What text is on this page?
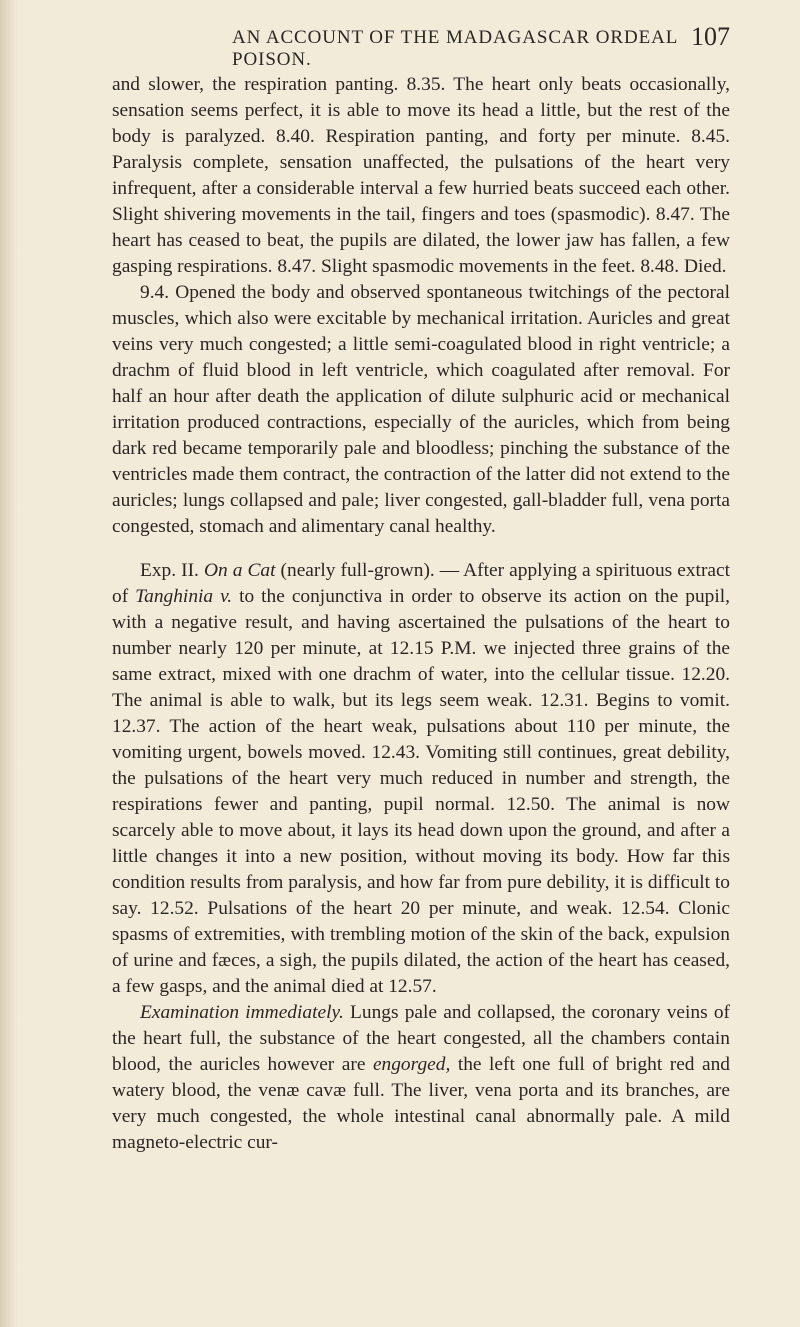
AN ACCOUNT OF THE MADAGASCAR ORDEAL POISON.
107

and slower, the respiration panting. 8.35. The heart only beats occasionally, sensation seems perfect, it is able to move its head a little, but the rest of the body is paralyzed. 8.40. Respiration panting, and forty per minute. 8.45. Paralysis complete, sensation unaffected, the pulsations of the heart very infrequent, after a considerable interval a few hurried beats succeed each other. Slight shivering movements in the tail, fingers and toes (spasmodic). 8.47. The heart has ceased to beat, the pupils are dilated, the lower jaw has fallen, a few gasping respirations. 8.47. Slight spasmodic movements in the feet. 8.48. Died.

9.4. Opened the body and observed spontaneous twitchings of the pectoral muscles, which also were excitable by mechanical irritation. Auricles and great veins very much congested; a little semi-coagulated blood in right ventricle; a drachm of fluid blood in left ventricle, which coagulated after removal. For half an hour after death the application of dilute sulphuric acid or mechanical irritation produced contractions, especially of the auricles, which from being dark red became temporarily pale and bloodless; pinching the substance of the ventricles made them contract, the contraction of the latter did not extend to the auricles; lungs collapsed and pale; liver congested, gall-bladder full, vena porta congested, stomach and alimentary canal healthy.

Exp. II. On a Cat (nearly full-grown). — After applying a spirituous extract of Tanghinia v. to the conjunctiva in order to observe its action on the pupil, with a negative result, and having ascertained the pulsations of the heart to number nearly 120 per minute, at 12.15 P.M. we injected three grains of the same extract, mixed with one drachm of water, into the cellular tissue. 12.20. The animal is able to walk, but its legs seem weak. 12.31. Begins to vomit. 12.37. The action of the heart weak, pulsations about 110 per minute, the vomiting urgent, bowels moved. 12.43. Vomiting still continues, great debility, the pulsations of the heart very much reduced in number and strength, the respirations fewer and panting, pupil normal. 12.50. The animal is now scarcely able to move about, it lays its head down upon the ground, and after a little changes it into a new position, without moving its body. How far this condition results from paralysis, and how far from pure debility, it is difficult to say. 12.52. Pulsations of the heart 20 per minute, and weak. 12.54. Clonic spasms of extremities, with trembling motion of the skin of the back, expulsion of urine and fæces, a sigh, the pupils dilated, the action of the heart has ceased, a few gasps, and the animal died at 12.57.

Examination immediately. Lungs pale and collapsed, the coronary veins of the heart full, the substance of the heart congested, all the chambers contain blood, the auricles however are engorged, the left one full of bright red and watery blood, the venæ cavæ full. The liver, vena porta and its branches, are very much congested, the whole intestinal canal abnormally pale. A mild magneto-electric cur-
